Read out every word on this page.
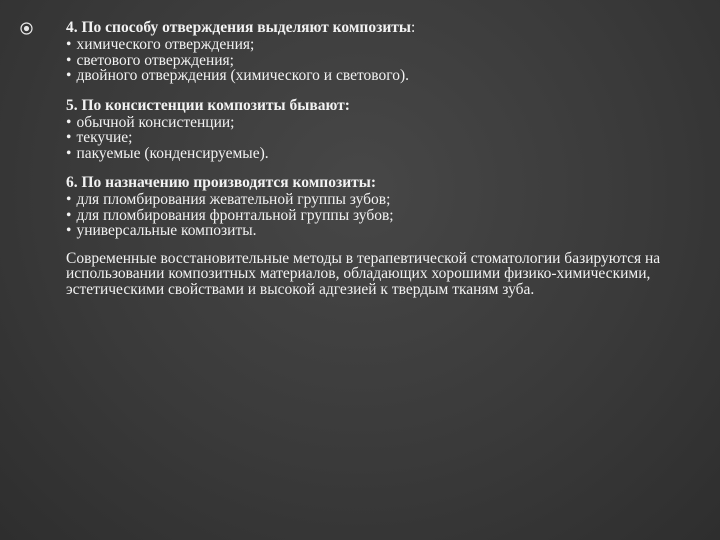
4. По способу отверждения выделяют композиты:

• химического отверждения;
• светового отверждения;
• двойного отверждения (химического и светового).

5. По консистенции композиты бывают:

• обычной консистенции;
• текучие;
• пакуемые (конденсируемые).

6. По назначению производятся композиты:

• для пломбирования жевательной группы зубов;
• для пломбирования фронтальной группы зубов;
• универсальные композиты.

Современные восстановительные методы в терапевтической стоматологии базируются на использовании композитных материалов, обладающих хорошими физико-химическими, эстетическими свойствами и высокой адгезией к твердым тканям зуба.
